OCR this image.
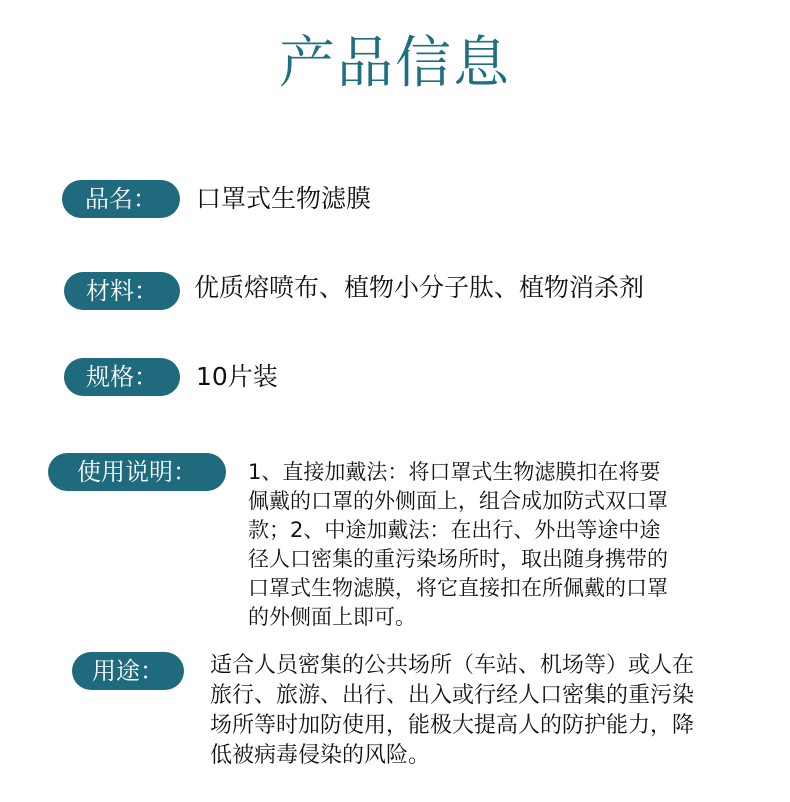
产品信息
品名：	口罩式生物滤膜
材料：	优质熔喷布、植物小分子肽、植物消杀剂
规格：	10片装
使用说明：	1、直接加戴法：将口罩式生物滤膜扣在将要
佩戴的口罩的外侧面上，组合成加防式双口罩
款；2、中途加戴法：在出行、外出等途中途
径人口密集的重污染场所时，取出随身携带的
口罩式生物滤膜，将它直接扣在所佩戴的口罩
的外侧面上即可。
用途：	适合人员密集的公共场所（车站、机场等）或人在
旅行、旅游、出行、出入或行经人口密集的重污染
场所等时加防使用，能极大提高人的防护能力，降
低被病毒侵染的风险。
